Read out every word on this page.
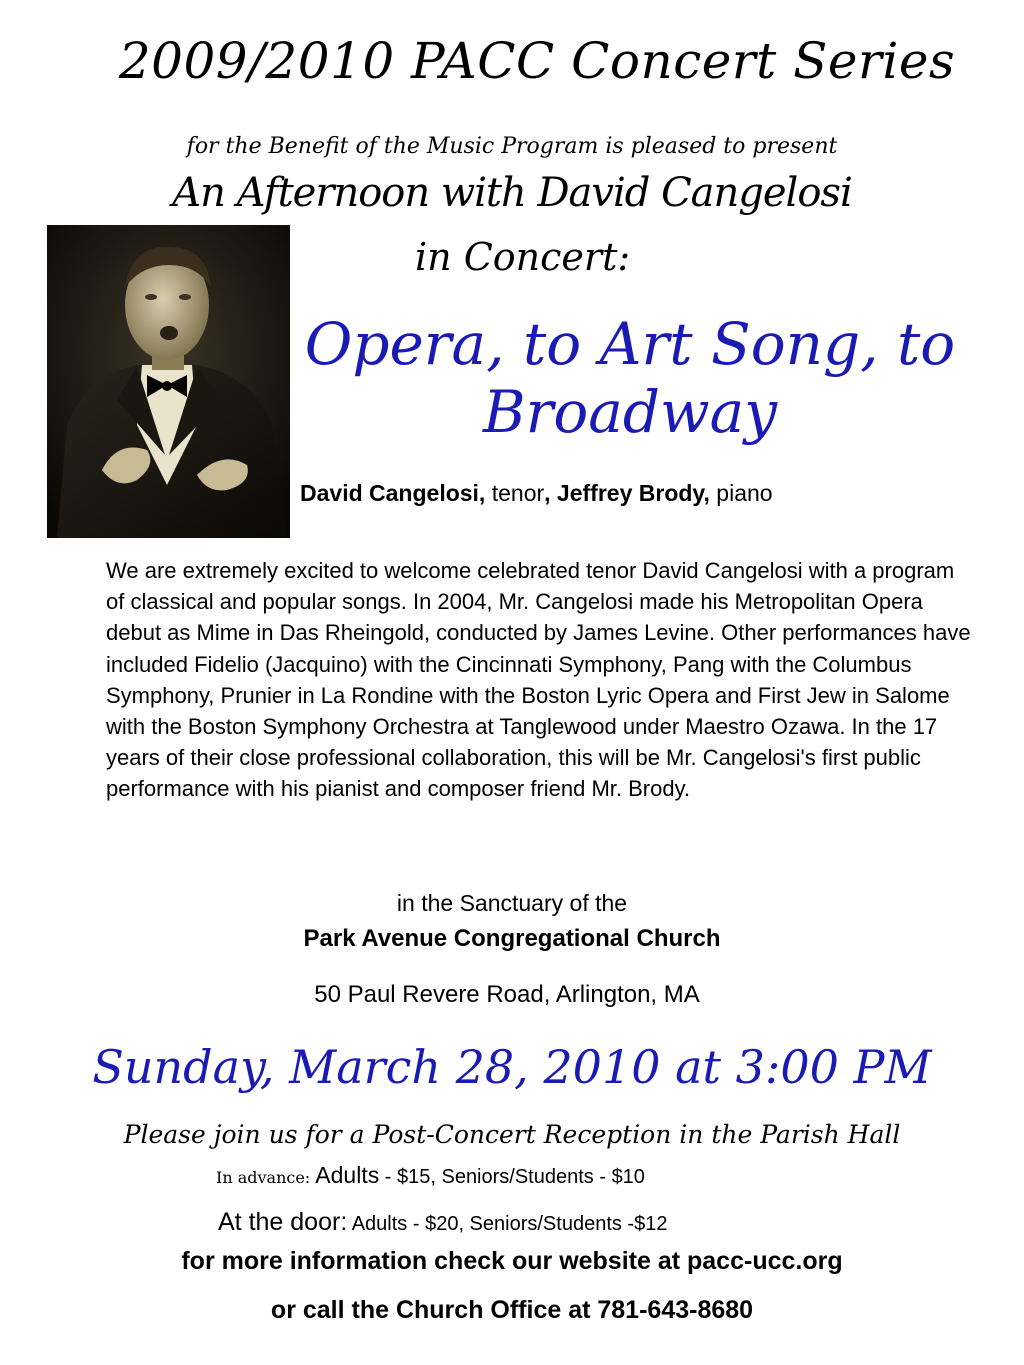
2009/2010 PACC Concert Series
for the Benefit of the Music Program is pleased to present
An Afternoon with David Cangelosi
in Concert:
Opera, to Art Song, to Broadway
David Cangelosi, tenor, Jeffrey Brody, piano
We are extremely excited to welcome celebrated tenor David Cangelosi with a program of classical and popular songs. In 2004, Mr. Cangelosi made his Metropolitan Opera debut as Mime in Das Rheingold, conducted by James Levine. Other performances have included Fidelio (Jacquino) with the Cincinnati Symphony, Pang with the Columbus Symphony, Prunier in La Rondine with the Boston Lyric Opera and First Jew in Salome with the Boston Symphony Orchestra at Tanglewood under Maestro Ozawa. In the 17 years of their close professional collaboration, this will be Mr. Cangelosi's first public performance with his pianist and composer friend Mr. Brody.
in the Sanctuary of the
Park Avenue Congregational Church
50 Paul Revere Road, Arlington, MA
Sunday, March 28, 2010 at 3:00 PM
Please join us for a Post-Concert Reception in the Parish Hall
In advance: Adults - $15, Seniors/Students - $10
At the door: Adults - $20, Seniors/Students -$12
for more information check our website at pacc-ucc.org
or call the Church Office at 781-643-8680
